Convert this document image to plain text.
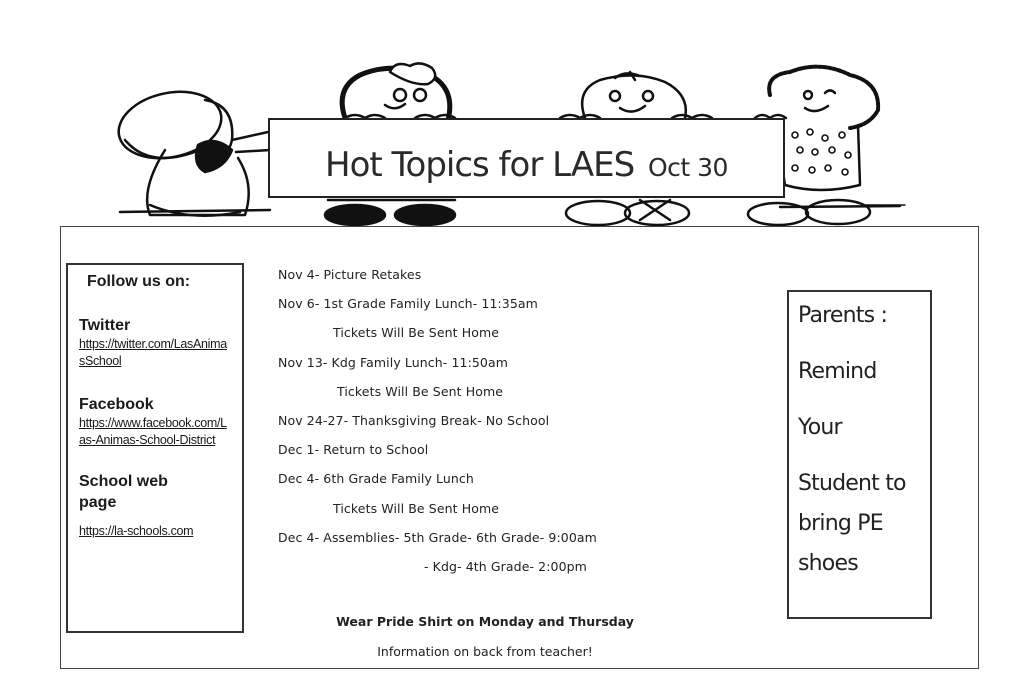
Hot Topics for LAES Oct 30
Follow us on:
Twitter
https://twitter.com/LasAnimasSchool
Facebook
https://www.facebook.com/Las-Animas-School-District
School web page
https://la-schools.com
Nov 4- Picture Retakes
Nov 6- 1st Grade Family Lunch- 11:35am
Tickets Will Be Sent Home
Nov 13- Kdg Family Lunch- 11:50am
Tickets Will Be Sent Home
Nov 24-27- Thanksgiving Break- No School
Dec 1- Return to School
Dec 4- 6th Grade Family Lunch
Tickets Will Be Sent Home
Dec 4- Assemblies- 5th Grade- 6th Grade- 9:00am
- Kdg- 4th Grade- 2:00pm
Wear Pride Shirt on Monday and Thursday
Information on back from teacher!
Parents :
Remind
Your
Student to
bring PE
shoes
